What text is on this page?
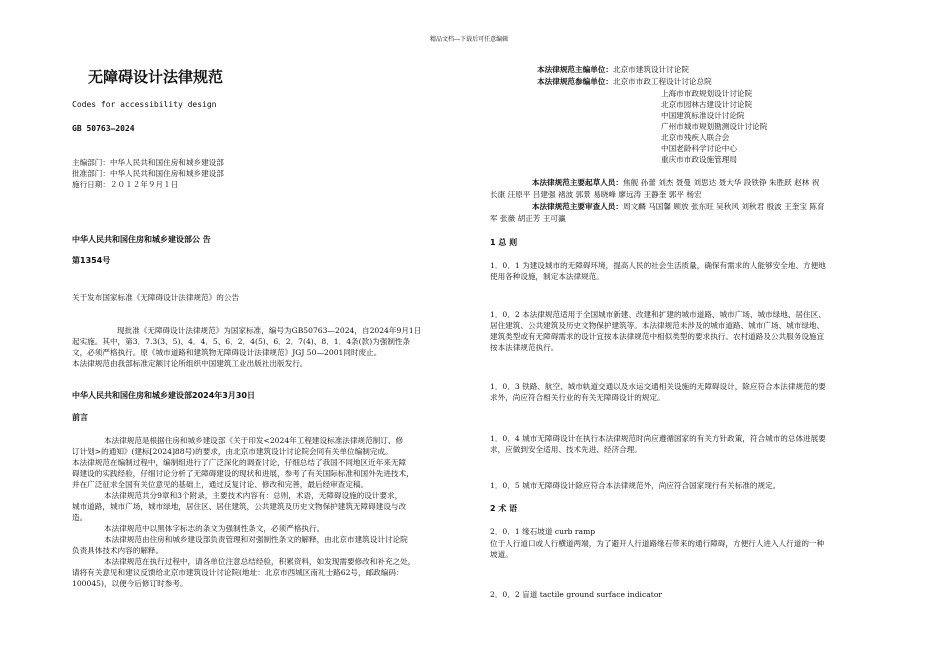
精品文档---下载后可任意编辑
无障碍设计法律规范
Codes for accessibility design
GB 50763—2024
主编部门：中华人民共和国住房和城乡建设部
批准部门：中华人民共和国住房和城乡建设部
施行日期：２０１２年９月１日
中华人民共和国住房和城乡建设部公 告
第1354号
关于发布国家标准《无障碍设计法律规范》的公告
现批准《无障碍设计法律规范》为国家标准，编号为GB50763—2024，自2024年9月1日
起实施。其中，第3．7.3(3、5)、4．4．5、6．2．4(5)、6．2．7(4)、8．1．4条(款)为强制性条
文，必须严格执行。原《城市道路和建筑物无障碍设计法律规范》JGJ 50—2001同时废止。
本法律规范由我部标准定额讨论所组织中国建筑工业出版社出版发行。
中华人民共和国住房和城乡建设部2024年3月30日
前言
本法律规范是根据住房和城乡建设部《关于印发<2024年工程建设标准法律规范制订、修
订计划>的通知》(建标[2024]88号)的要求，由北京市建筑设计讨论院会同有关单位编制完成。
本法律规范在编制过程中，编制组进行了广泛深化的调查讨论，仔细总结了我国不同地区近年来无障
碍建设的实践经验，仔细讨论分析了无障碍建设的现状和进展，参考了有关国际标准和国外先进技术，
并在广泛征求全国有关位意见的基础上，通过反复讨论、修改和完善，最后经审查定稿。
本法律规范共分9章和3个附录，主要技术内容有：总则，术语，无障碍设施的设计要求，
城市道路，城市广场，城市绿地，居住区、居住建筑，公共建筑及历史文物保护建筑无障碍建设与改
造。
本法律规范中以黑体字标志的条文为强制性条文，必须严格执行。
本法律规范由住房和城乡建设部负责管理和对强制性条文的解释，由北京市建筑设计讨论院
负责具体技术内容的解释。
本法律规范在执行过程中，请各单位注意总结经验，积累资料，如发现需要修改和补充之处，
请将有关意见和建议反馈给北京市建筑设计讨论院(地址：北京市西城区南礼士路62号，邮政编码：
100045)，以便今后修订时参考。
本法律规范主编单位：北京市建筑设计讨论院
本法律规范参编单位：北京市市政工程设计讨论总院
上海市市政规划设计讨论院
北京市园林古建设计讨论院
中国建筑标准设计讨论院
广州市城市规划勘测设计讨论院
北京市残疾人联合会
中国老龄科学讨论中心
重庆市市政设施管理局
本法律规范主要起草人员：焦舰 孙蕾 刘杰 聂曼 刘思达 聂大华 段铁铮 朱胜跃 赵林 祝
长康 汪原平 吕建强 褚波 郭景 易晓峰 廖远涛 王静奎 郭平 杨宏
本法律规范主要审查人员：周文麟 马国馨 顾放 张东旺 吴秋风 刘秋君 殷波 王奎宝 陈育
军 张薇 胡正芳 王可瀛
1 总 则
1．0．1 为建设城市的无障碍环境，提高人民的社会生活质量，确保有需求的人能够安全地、方便地
使用各种设施，制定本法律规范。
1．0．2 本法律规范适用于全国城市新建、改建和扩建的城市道路、城市广场、城市绿地、居住区、
居住建筑、公共建筑及历史文物保护建筑等。本法律规范未涉及的城市道路、城市广场、城市绿地、
建筑类型或有无障碍需求的设计宜按本法律规范中相似类型的要求执行。农村道路及公共服务设施宜
按本法律规范执行。
1．0．3 铁路、航空、城市轨道交通以及水运交通相关设施的无障碍设计，除应符合本法律规范的要
求外，尚应符合相关行业的有关无障碍设计的规定。
1．0．4 城市无障碍设计在执行本法律规范时尚应遵循国家的有关方针政策，符合城市的总体进展要
求，应做到安全适用、技术先进、经济合理。
1．0．5 城市无障碍设计除应符合本法律规范外，尚应符合国家现行有关标准的规定。
2 术 语
2．0．1 缘石坡道 curb ramp
位于人行道口或人行横道两端，为了避开人行道路缘石带来的通行障碍，方便行人进入人行道的一种
坡道。
2．0．2 盲道 tactile ground surface indicator
